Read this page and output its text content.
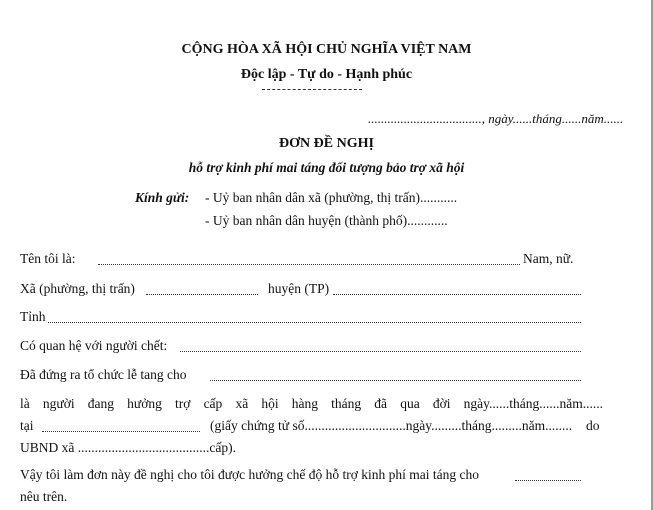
CỘNG HÒA XÃ HỘI CHỦ NGHĨA VIỆT NAM
Độc lập - Tự do - Hạnh phúc
..................................., ngày......tháng......năm......
ĐƠN ĐỀ NGHỊ
hỗ trợ kinh phí mai táng đối tượng bảo trợ xã hội
Kính gửi: - Uỷ ban nhân dân xã (phường, thị trấn)...........
- Uỷ ban nhân dân huyện (thành phố)............
Tên tôi là:	Nam, nữ.
Xã (phường, thị trấn)	huyện (TP)
Tỉnh
Có quan hệ với người chết:
Đã đứng ra tổ chức lễ tang cho
là người đang hưởng trợ cấp xã hội hàng tháng đã qua đời ngày......tháng......năm......
tại	(giấy chứng tử số..............................ngày.........tháng.........năm........ do
UBND xã .......................................cấp).
Vậy tôi làm đơn này đề nghị cho tôi được hưởng chế độ hỗ trợ kinh phí mai táng cho
nêu trên.
